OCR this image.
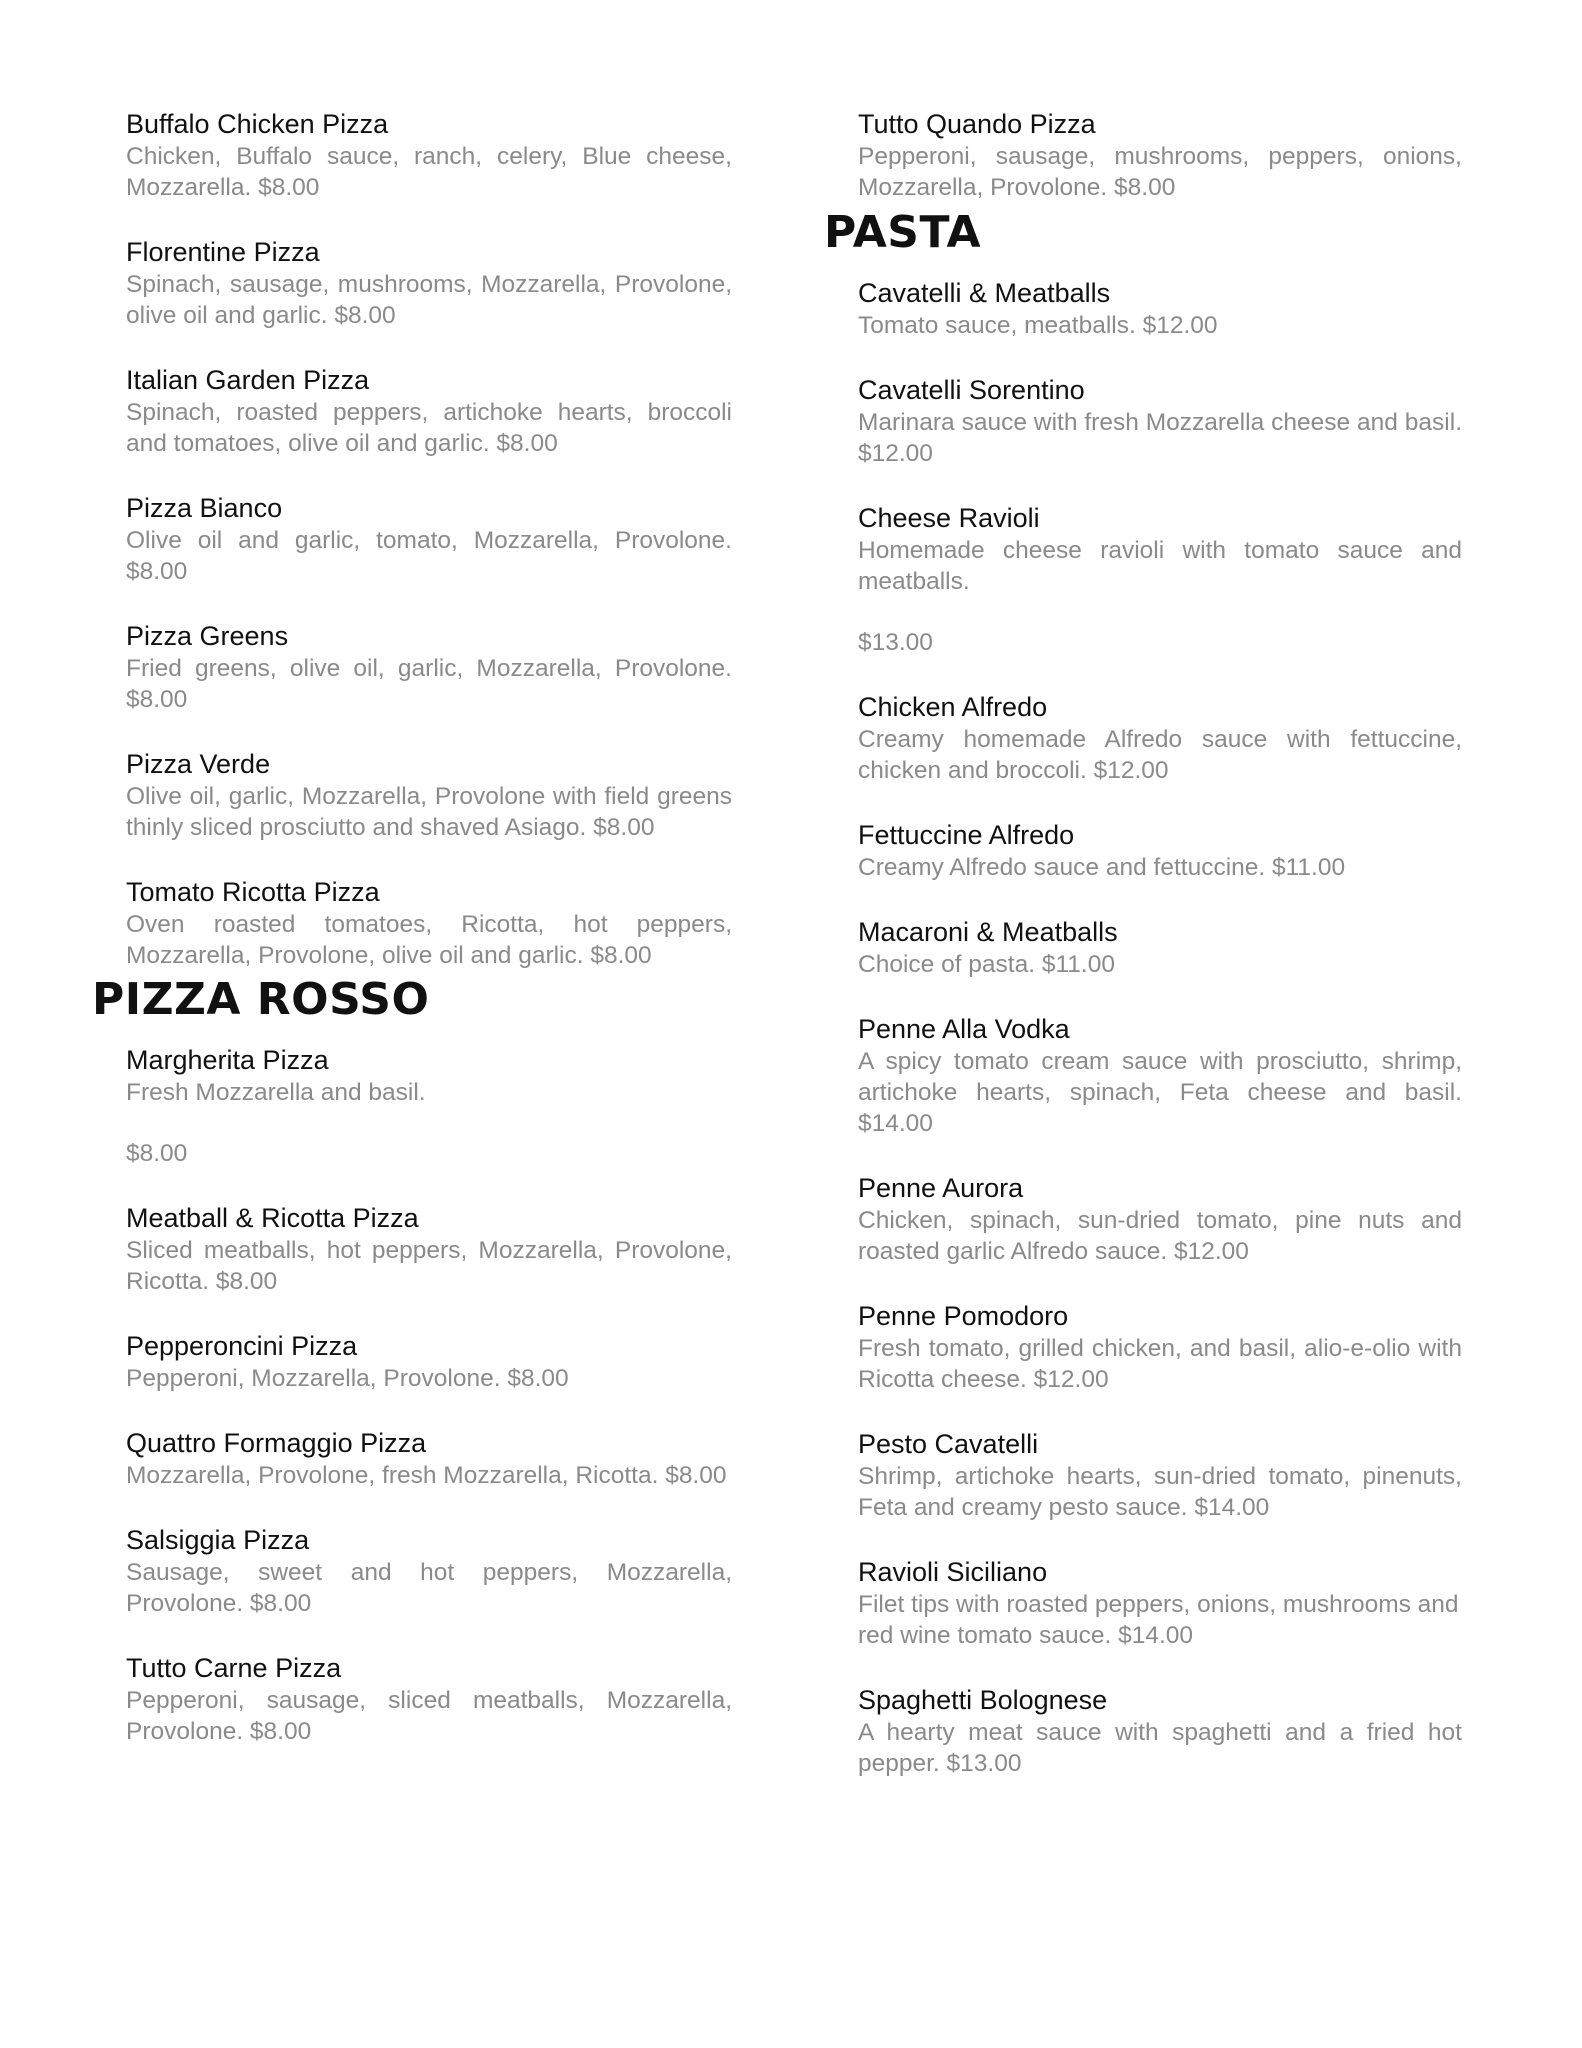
Buffalo Chicken Pizza

Chicken, Buffalo sauce, ranch, celery, Blue cheese, Mozzarella. $8.00

Florentine Pizza

Spinach, sausage, mushrooms, Mozzarella, Provolone, olive oil and garlic. $8.00

Italian Garden Pizza

Spinach, roasted peppers, artichoke hearts, broccoli and tomatoes, olive oil and garlic. $8.00

Pizza Bianco

Olive oil and garlic, tomato, Mozzarella, Provolone. $8.00

Pizza Greens

Fried greens, olive oil, garlic, Mozzarella, Provolone. $8.00

Pizza Verde

Olive oil, garlic, Mozzarella, Provolone with field greens thinly sliced prosciutto and shaved Asiago. $8.00

Tomato Ricotta Pizza

Oven roasted tomatoes, Ricotta, hot peppers, Mozzarella, Provolone, olive oil and garlic. $8.00

PIZZA ROSSO

Margherita Pizza

Fresh Mozzarella and basil.

$8.00

Meatball & Ricotta Pizza

Sliced meatballs, hot peppers, Mozzarella, Provolone, Ricotta. $8.00

Pepperoncini Pizza

Pepperoni, Mozzarella, Provolone. $8.00

Quattro Formaggio Pizza

Mozzarella, Provolone, fresh Mozzarella, Ricotta. $8.00

Salsiggia Pizza

Sausage, sweet and hot peppers, Mozzarella, Provolone. $8.00

Tutto Carne Pizza

Pepperoni, sausage, sliced meatballs, Mozzarella, Provolone. $8.00

Tutto Quando Pizza

Pepperoni, sausage, mushrooms, peppers, onions, Mozzarella, Provolone. $8.00

PASTA

Cavatelli & Meatballs

Tomato sauce, meatballs. $12.00

Cavatelli Sorentino

Marinara sauce with fresh Mozzarella cheese and basil. $12.00

Cheese Ravioli

Homemade cheese ravioli with tomato sauce and meatballs.

$13.00

Chicken Alfredo

Creamy homemade Alfredo sauce with fettuccine, chicken and broccoli. $12.00

Fettuccine Alfredo

Creamy Alfredo sauce and fettuccine. $11.00

Macaroni & Meatballs

Choice of pasta. $11.00

Penne Alla Vodka

A spicy tomato cream sauce with prosciutto, shrimp, artichoke hearts, spinach, Feta cheese and basil. $14.00

Penne Aurora

Chicken, spinach, sun-dried tomato, pine nuts and roasted garlic Alfredo sauce. $12.00

Penne Pomodoro

Fresh tomato, grilled chicken, and basil, alio-e-olio with Ricotta cheese. $12.00

Pesto Cavatelli

Shrimp, artichoke hearts, sun-dried tomato, pinenuts, Feta and creamy pesto sauce. $14.00

Ravioli Siciliano

Filet tips with roasted peppers, onions, mushrooms and red wine tomato sauce. $14.00

Spaghetti Bolognese

A hearty meat sauce with spaghetti and a fried hot pepper. $13.00
